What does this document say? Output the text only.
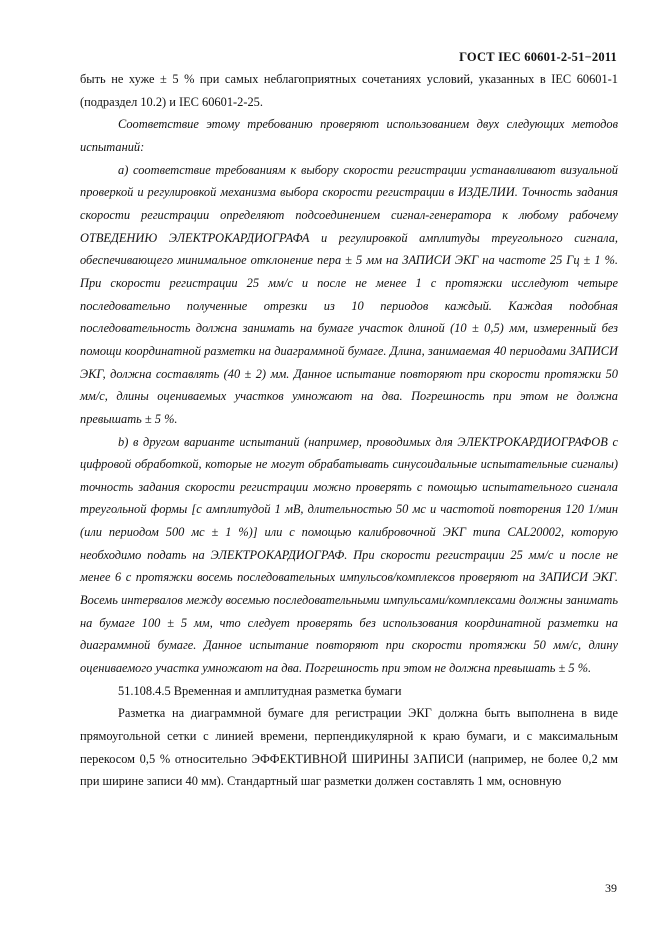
ГОСТ IEC 60601-2-51−2011

быть не хуже ± 5 % при самых неблагоприятных сочетаниях условий, указанных в IEC 60601-1 (подраздел 10.2) и IEC 60601-2-25.

Соответствие этому требованию проверяют использованием двух следующих методов испытаний:

a) соответствие требованиям к выбору скорости регистрации устанавливают визуальной проверкой и регулировкой механизма выбора скорости регистрации в ИЗДЕЛИИ. Точность задания скорости регистрации определяют подсоединением сигнал-генератора к любому рабочему ОТВЕДЕНИЮ ЭЛЕКТРОКАРДИОГРАФА и регулировкой амплитуды треугольного сигнала, обеспечивающего минимальное отклонение пера ± 5 мм на ЗАПИСИ ЭКГ на частоте 25 Гц ± 1 %. При скорости регистрации 25 мм/с и после не менее 1 с протяжки исследуют четыре последовательно полученные отрезки из 10 периодов каждый. Каждая подобная последовательность должна занимать на бумаге участок длиной (10 ± 0,5) мм, измеренный без помощи координатной разметки на диаграммной бумаге. Длина, занимаемая 40 периодами ЗАПИСИ ЭКГ, должна составлять (40 ± 2) мм. Данное испытание повторяют при скорости протяжки 50 мм/с, длины оцениваемых участков умножают на два. Погрешность при этом не должна превышать ± 5 %.

b) в другом варианте испытаний (например, проводимых для ЭЛЕКТРОКАРДИОГРАФОВ с цифровой обработкой, которые не могут обрабатывать синусоидальные испытательные сигналы) точность задания скорости регистрации можно проверять с помощью испытательного сигнала треугольной формы [с амплитудой 1 мВ, длительностью 50 мс и частотой повторения 120 1/мин (или периодом 500 мс ± 1 %)] или с помощью калибровочной ЭКГ типа CAL20002, которую необходимо подать на ЭЛЕКТРОКАРДИОГРАФ. При скорости регистрации 25 мм/с и после не менее 6 с протяжки восемь последовательных импульсов/комплексов проверяют на ЗАПИСИ ЭКГ. Восемь интервалов между восемью последовательными импульсами/комплексами должны занимать на бумаге 100 ± 5 мм, что следует проверять без использования координатной разметки на диаграммной бумаге. Данное испытание повторяют при скорости протяжки 50 мм/с, длину оцениваемого участка умножают на два. Погрешность при этом не должна превышать ± 5 %.

51.108.4.5 Временная и амплитудная разметка бумаги

Разметка на диаграммной бумаге для регистрации ЭКГ должна быть выполнена в виде прямоугольной сетки с линией времени, перпендикулярной к краю бумаги, и с максимальным перекосом 0,5 % относительно ЭФФЕКТИВНОЙ ШИРИНЫ ЗАПИСИ (например, не более 0,2 мм при ширине записи 40 мм). Стандартный шаг разметки должен составлять 1 мм, основную

39
